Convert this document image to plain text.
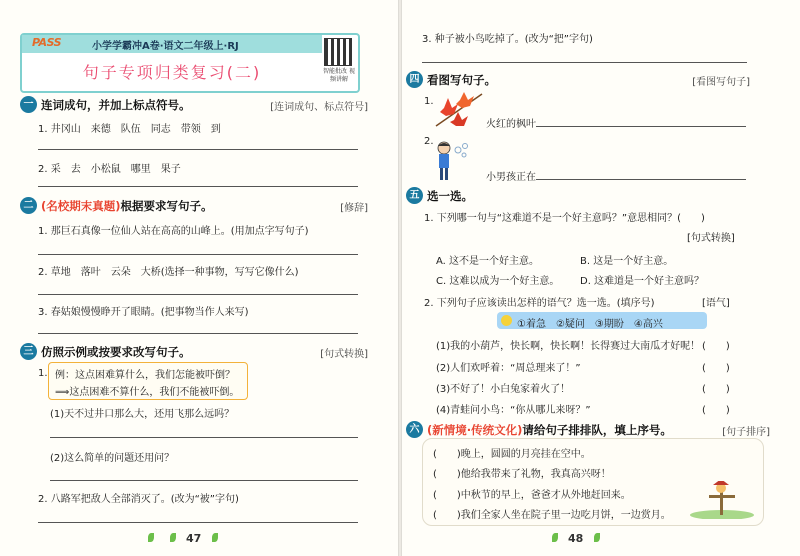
PASS	小学学霸冲A卷·语文二年级上·RJ
句子专项归类复习(二)	智能批改 视频讲解
一 连词成句，并加上标点符号。	[连词成句、标点符号]
1. 井冈山　来德　队伍　同志　带领　到
2. 采　去　小松鼠　哪里　果子
二 (名校期末真题)根据要求写句子。	[修辞]
1. 那巨石真像一位仙人站在高高的山峰上。(用加点字写句子)
2. 草地　落叶　云朵　大桥(选择一种事物，写写它像什么)
3. 春姑娘慢慢睁开了眼睛。(把事物当作人来写)
三 仿照示例或按要求改写句子。	[句式转换]
1. 例：这点困难算什么，我们怎能被吓倒？
⟹这点困难不算什么，我们不能被吓倒。
(1)天不过井口那么大，还用飞那么远吗？
(2)这么简单的问题还用问？
2. 八路军把敌人全部消灭了。(改为“被”字句)
47
3. 种子被小鸟吃掉了。(改为“把”字句)
四 看图写句子。	[看图写句子]
1.
火红的枫叶
2.
小男孩正在
五 选一选。
1. 下列哪一句与“这难道不是一个好主意吗？”意思相同？(　　)
[句式转换]
A. 这不是一个好主意。	B. 这是一个好主意。
C. 这难以成为一个好主意。 D. 这难道是一个好主意吗？
2. 下列句子应该读出怎样的语气？选一选。(填序号)	[语气]
①着急　②疑问　③期盼　④高兴
(1)我的小葫芦，快长啊，快长啊！长得赛过大南瓜才好呢！ (　　)
(2)人们欢呼着：“周总理来了！”	(　　)
(3)不好了！小白兔家着火了！	(　　)
(4)青蛙问小鸟：“你从哪儿来呀？”	(　　)
六 (新情境·传统文化)请给句子排排队，填上序号。	[句子排序]
(　　)晚上，圆圆的月亮挂在空中。
(　　)他给我带来了礼物，我真高兴呀！
(　　)中秋节的早上，爸爸才从外地赶回来。
(　　)我们全家人坐在院子里一边吃月饼，一边赏月。
48
